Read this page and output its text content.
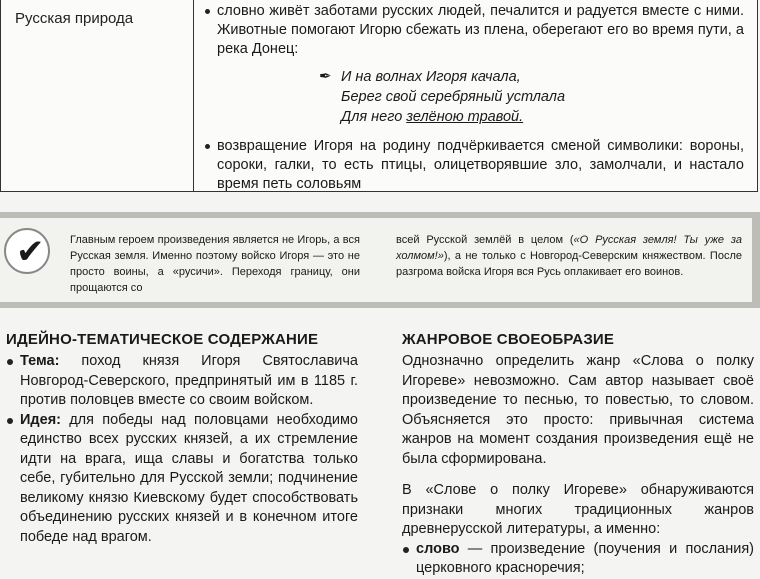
Русская природа	словно живёт заботами русских людей, печалится и радуется вместе с ними. Животные помогают Игорю сбежать из плена, оберегают его во время пути, а река Донец:
✒ И на волнах Игоря качала,
Берег свой серебряный устлала
Для него зелёною травой.
возвращение Игоря на родину подчёркивается сменой символики: вороны, сороки, галки, то есть птицы, олицетворявшие зло, замолчали, и настало время петь соловьям
✔ Главным героем произведения является не Игорь, а вся Русская земля. Именно поэтому войско Игоря — это не просто воины, а «русичи». Переходя границу, они прощаются со
всей Русской землёй в целом («О Русская земля! Ты уже за холмом!»), а не только с Новгород-Северским княжеством. После разгрома войска Игоря вся Русь оплакивает его воинов.
ИДЕЙНО-ТЕМАТИЧЕСКОЕ СОДЕРЖАНИЕ
Тема: поход князя Игоря Святославича Новгород-Северского, предпринятый им в 1185 г. против половцев вместе со своим войском.
Идея: для победы над половцами необходимо единство всех русских князей, а их стремление идти на врага, ища славы и богатства только себе, губительно для Русской земли; подчинение великому князю Киевскому будет способствовать объединению русских князей и в конечном итоге победе над врагом.
ЖАНРОВОЕ СВОЕОБРАЗИЕ
Однозначно определить жанр «Слова о полку Игореве» невозможно. Сам автор называет своё произведение то песнью, то повестью, то словом. Объясняется это просто: привычная система жанров на момент создания произведения ещё не была сформирована.
В «Слове о полку Игореве» обнаруживаются признаки многих традиционных жанров древнерусской литературы, а именно:
слово — произведение (поучения и послания) церковного красноречия;
